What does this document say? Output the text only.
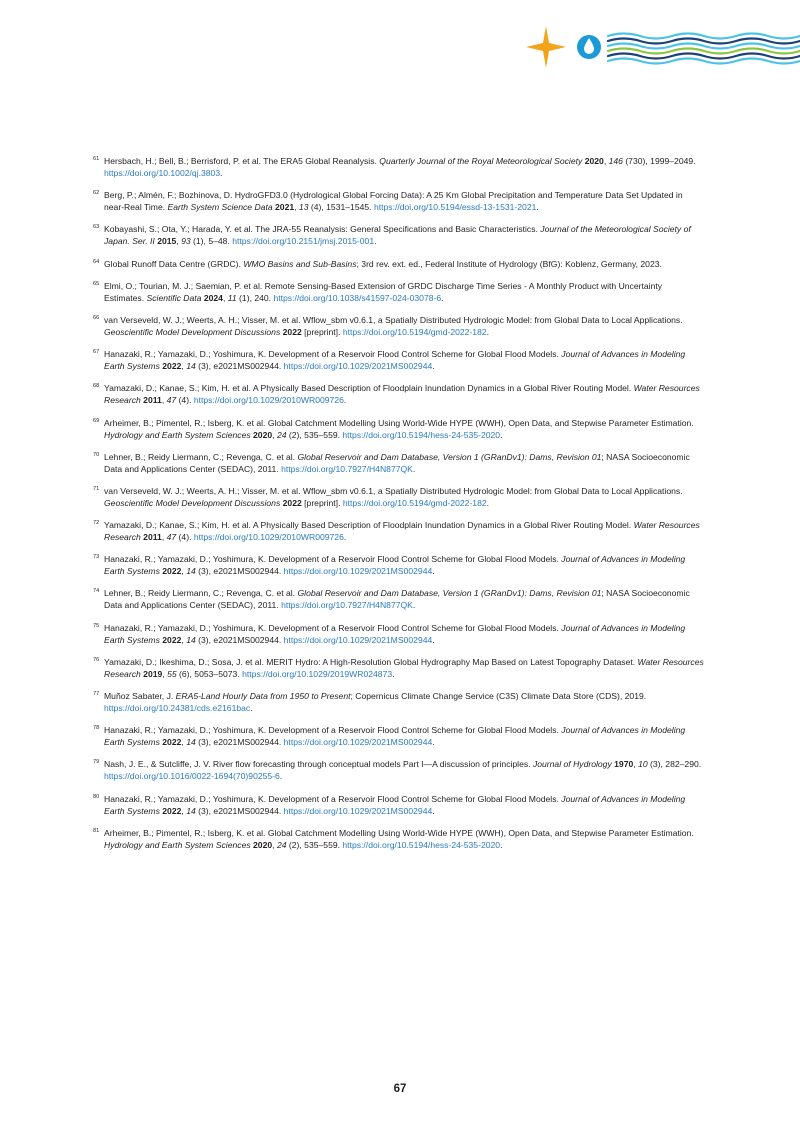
61 Hersbach, H.; Bell, B.; Berrisford, P. et al. The ERA5 Global Reanalysis. Quarterly Journal of the Royal Meteorological Society 2020, 146 (730), 1999–2049. https://doi.org/10.1002/qj.3803.
62 Berg, P.; Almén, F.; Bozhinova, D. HydroGFD3.0 (Hydrological Global Forcing Data): A 25 Km Global Precipitation and Temperature Data Set Updated in near-Real Time. Earth System Science Data 2021, 13 (4), 1531–1545. https://doi.org/10.5194/essd-13-1531-2021.
63 Kobayashi, S.; Ota, Y.; Harada, Y. et al. The JRA-55 Reanalysis: General Specifications and Basic Characteristics. Journal of the Meteorological Society of Japan. Ser. II 2015, 93 (1), 5–48. https://doi.org/10.2151/jmsj.2015-001.
64 Global Runoff Data Centre (GRDC). WMO Basins and Sub-Basins; 3rd rev. ext. ed., Federal Institute of Hydrology (BfG): Koblenz, Germany, 2023.
65 Elmi, O.; Tourian, M. J.; Saemian, P. et al. Remote Sensing-Based Extension of GRDC Discharge Time Series - A Monthly Product with Uncertainty Estimates. Scientific Data 2024, 11 (1), 240. https://doi.org/10.1038/s41597-024-03078-6.
66 van Verseveld, W. J.; Weerts, A. H.; Visser, M. et al. Wflow_sbm v0.6.1, a Spatially Distributed Hydrologic Model: from Global Data to Local Applications. Geoscientific Model Development Discussions 2022 [preprint]. https://doi.org/10.5194/gmd-2022-182.
67 Hanazaki, R.; Yamazaki, D.; Yoshimura, K. Development of a Reservoir Flood Control Scheme for Global Flood Models. Journal of Advances in Modeling Earth Systems 2022, 14 (3), e2021MS002944. https://doi.org/10.1029/2021MS002944.
68 Yamazaki, D.; Kanae, S.; Kim, H. et al. A Physically Based Description of Floodplain Inundation Dynamics in a Global River Routing Model. Water Resources Research 2011, 47 (4). https://doi.org/10.1029/2010WR009726.
69 Arheimer, B.; Pimentel, R.; Isberg, K. et al. Global Catchment Modelling Using World-Wide HYPE (WWH), Open Data, and Stepwise Parameter Estimation. Hydrology and Earth System Sciences 2020, 24 (2), 535–559. https://doi.org/10.5194/hess-24-535-2020.
70 Lehner, B.; Reidy Liermann, C.; Revenga, C. et al. Global Reservoir and Dam Database, Version 1 (GRanDv1): Dams, Revision 01; NASA Socioeconomic Data and Applications Center (SEDAC), 2011. https://doi.org/10.7927/H4N877QK.
71 van Verseveld, W. J.; Weerts, A. H.; Visser, M. et al. Wflow_sbm v0.6.1, a Spatially Distributed Hydrologic Model: from Global Data to Local Applications. Geoscientific Model Development Discussions 2022 [preprint]. https://doi.org/10.5194/gmd-2022-182.
72 Yamazaki, D.; Kanae, S.; Kim, H. et al. A Physically Based Description of Floodplain Inundation Dynamics in a Global River Routing Model. Water Resources Research 2011, 47 (4). https://doi.org/10.1029/2010WR009726.
73 Hanazaki, R.; Yamazaki, D.; Yoshimura, K. Development of a Reservoir Flood Control Scheme for Global Flood Models. Journal of Advances in Modeling Earth Systems 2022, 14 (3), e2021MS002944. https://doi.org/10.1029/2021MS002944.
74 Lehner, B.; Reidy Liermann, C.; Revenga, C. et al. Global Reservoir and Dam Database, Version 1 (GRanDv1): Dams, Revision 01; NASA Socioeconomic Data and Applications Center (SEDAC), 2011. https://doi.org/10.7927/H4N877QK.
75 Hanazaki, R.; Yamazaki, D.; Yoshimura, K. Development of a Reservoir Flood Control Scheme for Global Flood Models. Journal of Advances in Modeling Earth Systems 2022, 14 (3), e2021MS002944. https://doi.org/10.1029/2021MS002944.
76 Yamazaki, D.; Ikeshima, D.; Sosa, J. et al. MERIT Hydro: A High-Resolution Global Hydrography Map Based on Latest Topography Dataset. Water Resources Research 2019, 55 (6), 5053–5073. https://doi.org/10.1029/2019WR024873.
77 Muñoz Sabater, J. ERA5-Land Hourly Data from 1950 to Present; Copernicus Climate Change Service (C3S) Climate Data Store (CDS), 2019. https://doi.org/10.24381/cds.e2161bac.
78 Hanazaki, R.; Yamazaki, D.; Yoshimura, K. Development of a Reservoir Flood Control Scheme for Global Flood Models. Journal of Advances in Modeling Earth Systems 2022, 14 (3), e2021MS002944. https://doi.org/10.1029/2021MS002944.
79 Nash, J. E., & Sutcliffe, J. V. River flow forecasting through conceptual models Part I—A discussion of principles. Journal of Hydrology 1970, 10 (3), 282–290. https://doi.org/10.1016/0022-1694(70)90255-6.
80 Hanazaki, R.; Yamazaki, D.; Yoshimura, K. Development of a Reservoir Flood Control Scheme for Global Flood Models. Journal of Advances in Modeling Earth Systems 2022, 14 (3), e2021MS002944. https://doi.org/10.1029/2021MS002944.
81 Arheimer, B.; Pimentel, R.; Isberg, K. et al. Global Catchment Modelling Using World-Wide HYPE (WWH), Open Data, and Stepwise Parameter Estimation. Hydrology and Earth System Sciences 2020, 24 (2), 535–559. https://doi.org/10.5194/hess-24-535-2020.
67
